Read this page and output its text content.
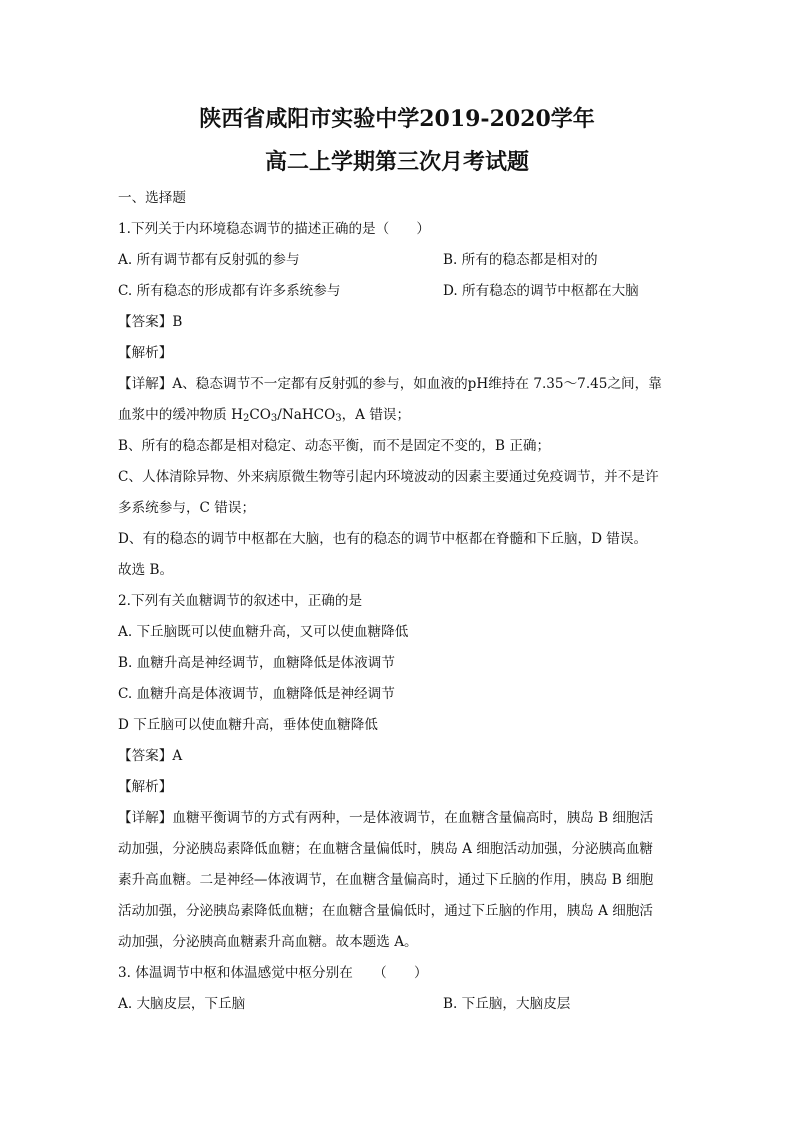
陕西省咸阳市实验中学2019-2020学年
高二上学期第三次月考试题
一、选择题
1.下列关于内环境稳态调节的描述正确的是（　　）
A. 所有调节都有反射弧的参与	B. 所有的稳态都是相对的
C. 所有稳态的形成都有许多系统参与	D. 所有稳态的调节中枢都在大脑
【答案】B
【解析】
【详解】A、稳态调节不一定都有反射弧的参与，如血液的pH维持在 7.35～7.45之间，靠
血浆中的缓冲物质 $H_2CO_3/NaHCO_3$，A 错误；
B、所有的稳态都是相对稳定、动态平衡，而不是固定不变的，B 正确；
C、人体清除异物、外来病原微生物等引起内环境波动的因素主要通过免疫调节，并不是许
多系统参与，C 错误；
D、有的稳态的调节中枢都在大脑，也有的稳态的调节中枢都在脊髓和下丘脑，D 错误。
故选 B。
2.下列有关血糖调节的叙述中，正确的是
A. 下丘脑既可以使血糖升高，又可以使血糖降低
B. 血糖升高是神经调节，血糖降低是体液调节
C. 血糖升高是体液调节，血糖降低是神经调节
D 下丘脑可以使血糖升高，垂体使血糖降低
【答案】A
【解析】
【详解】血糖平衡调节的方式有两种，一是体液调节，在血糖含量偏高时，胰岛 B 细胞活
动加强，分泌胰岛素降低血糖；在血糖含量偏低时，胰岛 A 细胞活动加强，分泌胰高血糖
素升高血糖。二是神经—体液调节，在血糖含量偏高时，通过下丘脑的作用，胰岛 B 细胞
活动加强，分泌胰岛素降低血糖；在血糖含量偏低时，通过下丘脑的作用，胰岛 A 细胞活
动加强，分泌胰高血糖素升高血糖。故本题选 A。
3. 体温调节中枢和体温感觉中枢分别在　　（　　）
A. 大脑皮层，下丘脑	B. 下丘脑，大脑皮层
